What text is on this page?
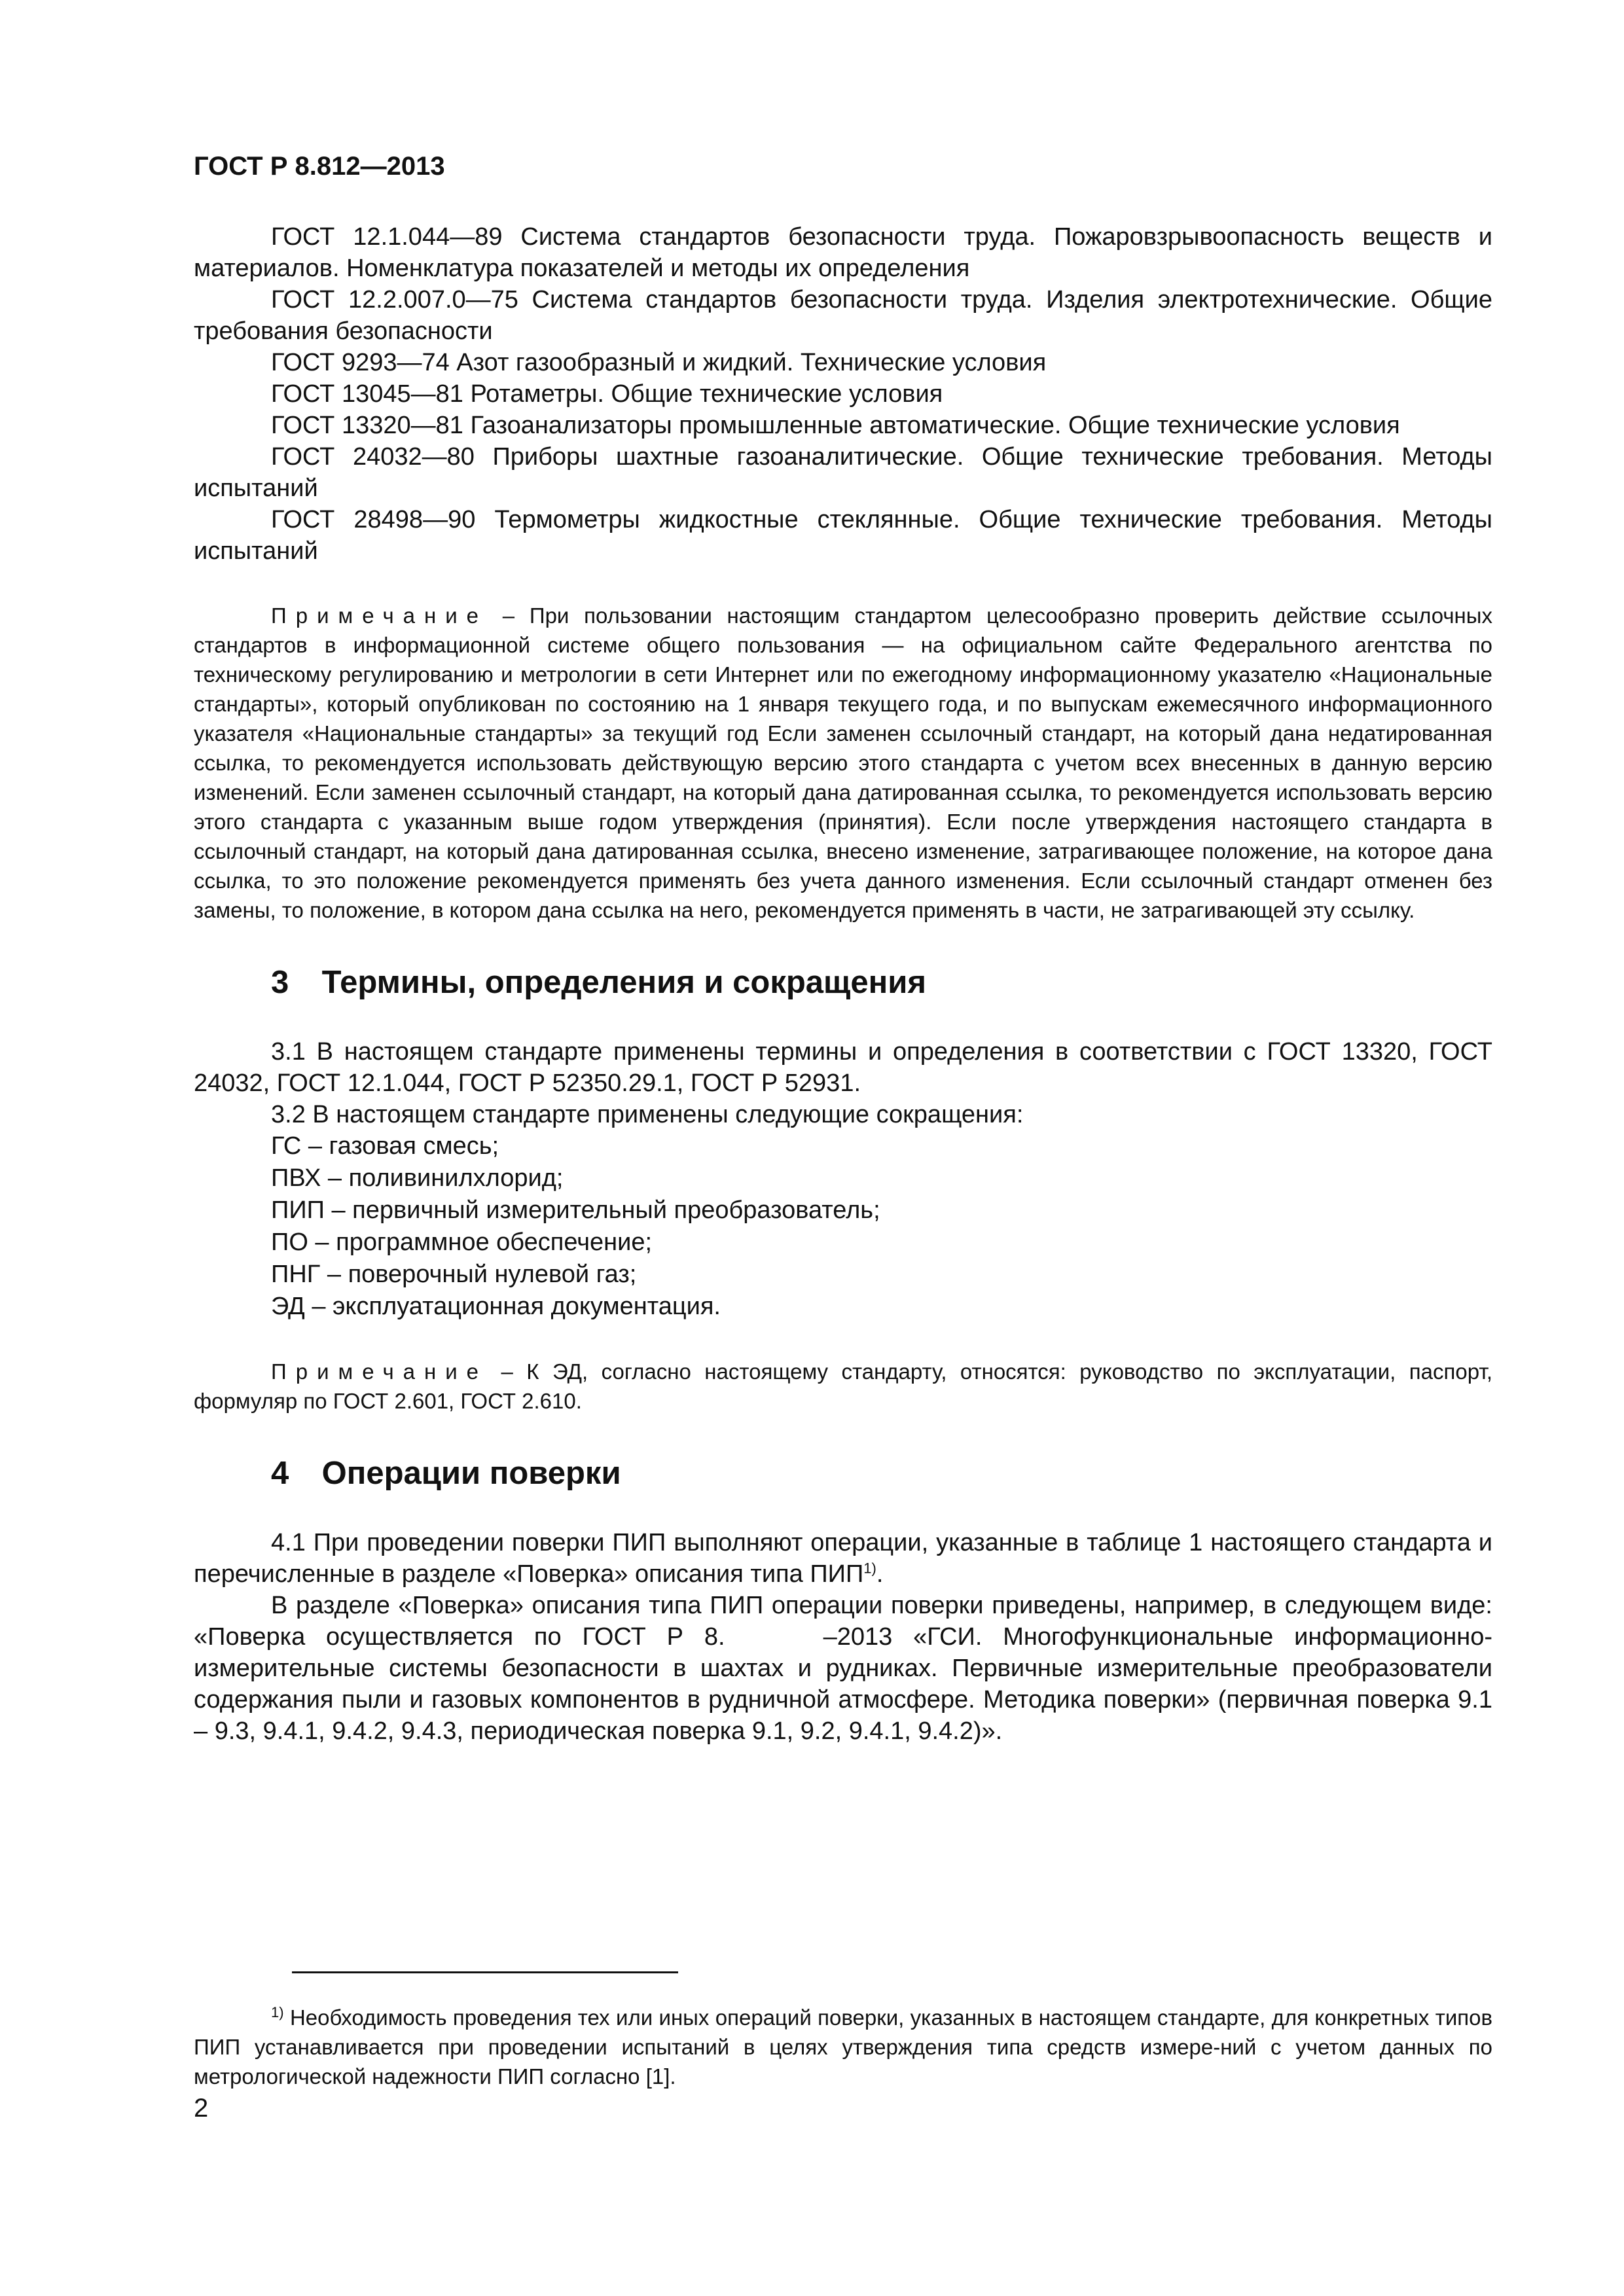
ГОСТ Р 8.812—2013

ГОСТ 12.1.044—89 Система стандартов безопасности труда. Пожаровзрывоопасность веществ и материалов. Номенклатура показателей и методы их определения

ГОСТ 12.2.007.0—75 Система стандартов безопасности труда. Изделия электротехнические. Общие требования безопасности

ГОСТ 9293—74 Азот газообразный и жидкий. Технические условия

ГОСТ 13045—81 Ротаметры. Общие технические условия

ГОСТ 13320—81 Газоанализаторы промышленные автоматические. Общие технические условия

ГОСТ 24032—80 Приборы шахтные газоаналитические. Общие технические требования. Методы испытаний

ГОСТ 28498—90 Термометры жидкостные стеклянные. Общие технические требования. Методы испытаний

Примечание – При пользовании настоящим стандартом целесообразно проверить действие ссылочных стандартов в информационной системе общего пользования — на официальном сайте Федерального агентства по техническому регулированию и метрологии в сети Интернет или по ежегодному информационному указателю «Национальные стандарты», который опубликован по состоянию на 1 января текущего года, и по выпускам ежемесячного информационного указателя «Национальные стандарты» за текущий год Если заменен ссылочный стандарт, на который дана недатированная ссылка, то рекомендуется использовать действующую версию этого стандарта с учетом всех внесенных в данную версию изменений. Если заменен ссылочный стандарт, на который дана датированная ссылка, то рекомендуется использовать версию этого стандарта с указанным выше годом утверждения (принятия). Если после утверждения настоящего стандарта в ссылочный стандарт, на который дана датированная ссылка, внесено изменение, затрагивающее положение, на которое дана ссылка, то это положение рекомендуется применять без учета данного изменения. Если ссылочный стандарт отменен без замены, то положение, в котором дана ссылка на него, рекомендуется применять в части, не затрагивающей эту ссылку.

3 Термины, определения и сокращения

3.1 В настоящем стандарте применены термины и определения в соответствии с ГОСТ 13320, ГОСТ 24032, ГОСТ 12.1.044, ГОСТ Р 52350.29.1, ГОСТ Р 52931.

3.2 В настоящем стандарте применены следующие сокращения:

ГС – газовая смесь;

ПВХ – поливинилхлорид;

ПИП – первичный измерительный преобразователь;

ПО – программное обеспечение;

ПНГ – поверочный нулевой газ;

ЭД – эксплуатационная документация.

Примечание – К ЭД, согласно настоящему стандарту, относятся: руководство по эксплуатации, паспорт, формуляр по ГОСТ 2.601, ГОСТ 2.610.

4 Операции поверки

4.1 При проведении поверки ПИП выполняют операции, указанные в таблице 1 настоящего стандарта и перечисленные в разделе «Поверка» описания типа ПИП$^{1)}$.

В разделе «Поверка» описания типа ПИП операции поверки приведены, например, в следующем виде: «Поверка осуществляется по ГОСТ Р 8.	–2013 «ГСИ. Многофункциональные информационно-измерительные системы безопасности в шахтах и рудниках. Первичные измерительные преобразователи содержания пыли и газовых компонентов в рудничной атмосфере. Методика поверки» (первичная поверка 9.1 – 9.3, 9.4.1, 9.4.2, 9.4.3, периодическая поверка 9.1, 9.2, 9.4.1, 9.4.2)».

$^{1)}$ Необходимость проведения тех или иных операций поверки, указанных в настоящем стандарте, для конкретных типов ПИП устанавливается при проведении испытаний в целях утверждения типа средств измере-ний с учетом данных по метрологической надежности ПИП согласно [1].

2
